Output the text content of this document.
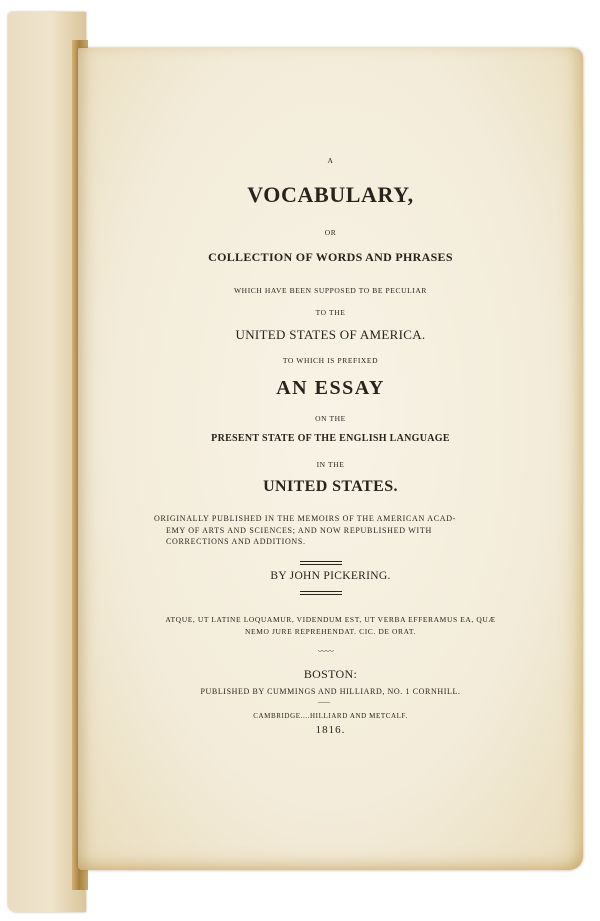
A
VOCABULARY,
OR
COLLECTION OF WORDS AND PHRASES
WHICH HAVE BEEN SUPPOSED TO BE PECULIAR
TO THE
UNITED STATES OF AMERICA.
TO WHICH IS PREFIXED
AN ESSAY
ON THE
PRESENT STATE OF THE ENGLISH LANGUAGE
IN THE
UNITED STATES.
ORIGINALLY PUBLISHED IN THE MEMOIRS OF THE AMERICAN ACAD-
EMY OF ARTS AND SCIENCES; AND NOW REPUBLISHED WITH
CORRECTIONS AND ADDITIONS.
BY JOHN PICKERING.
ATQUE, UT LATINE LOQUAMUR, VIDENDUM EST, UT VERBA EFFERAMUS EA, QUÆ
NEMO JURE REPREHENDAT. CIC. DE ORAT.
〰〰
BOSTON:
PUBLISHED BY CUMMINGS AND HILLIARD, NO. 1 CORNHILL.
......
CAMBRIDGE....HILLIARD AND METCALF.
1816.
